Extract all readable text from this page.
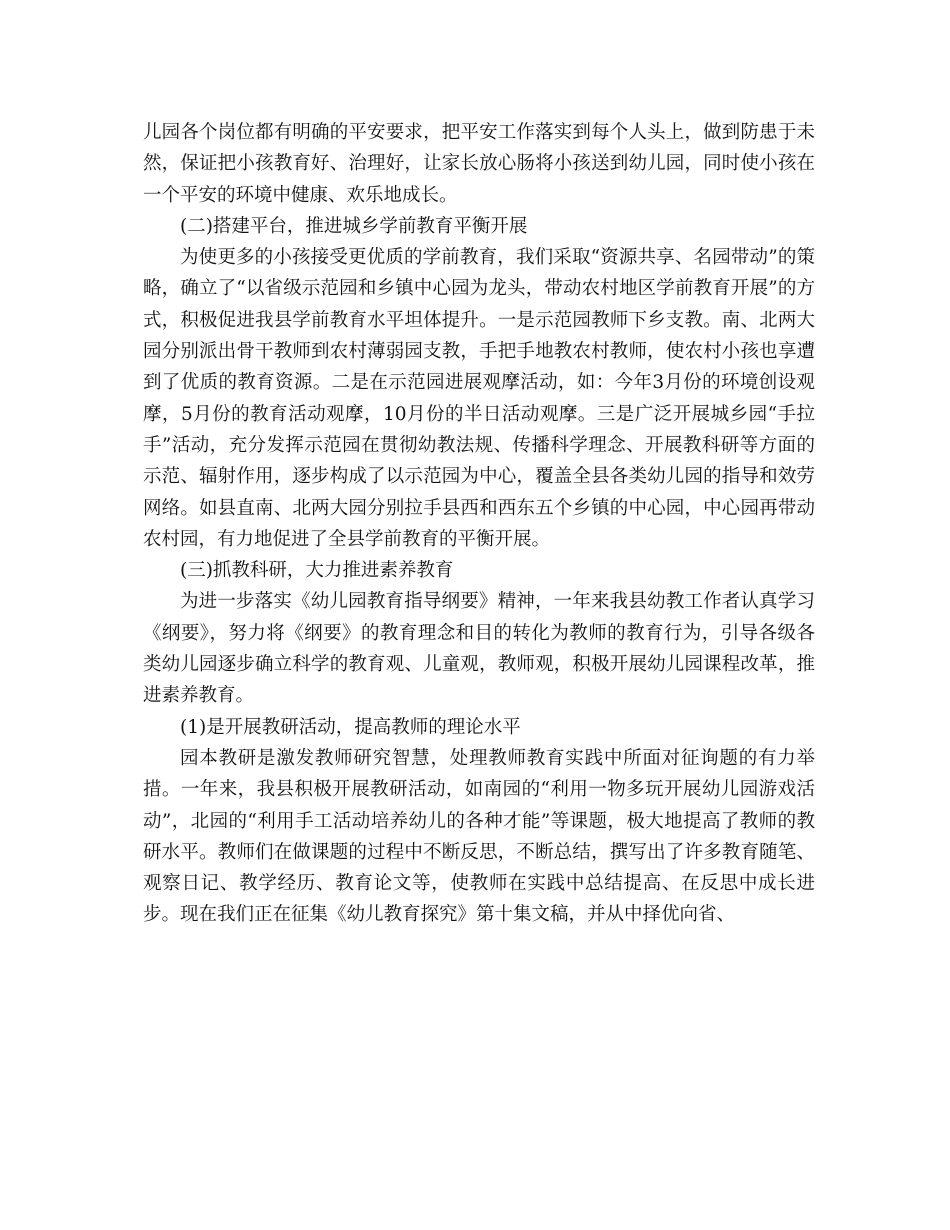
儿园各个岗位都有明确的平安要求，把平安工作落实到每个人头上，做到防患于未然，保证把小孩教育好、治理好，让家长放心肠将小孩送到幼儿园，同时使小孩在一个平安的环境中健康、欢乐地成长。

(二)搭建平台，推进城乡学前教育平衡开展

为使更多的小孩接受更优质的学前教育，我们采取“资源共享、名园带动”的策略，确立了“以省级示范园和乡镇中心园为龙头，带动农村地区学前教育开展”的方式，积极促进我县学前教育水平坦体提升。一是示范园教师下乡支教。南、北两大园分别派出骨干教师到农村薄弱园支教，手把手地教农村教师，使农村小孩也享遭到了优质的教育资源。二是在示范园进展观摩活动，如：今年3月份的环境创设观摩，5月份的教育活动观摩，10月份的半日活动观摩。三是广泛开展城乡园“手拉手”活动，充分发挥示范园在贯彻幼教法规、传播科学理念、开展教科研等方面的示范、辐射作用，逐步构成了以示范园为中心，覆盖全县各类幼儿园的指导和效劳网络。如县直南、北两大园分别拉手县西和西东五个乡镇的中心园，中心园再带动农村园，有力地促进了全县学前教育的平衡开展。

(三)抓教科研，大力推进素养教育

为进一步落实《幼儿园教育指导纲要》精神，一年来我县幼教工作者认真学习《纲要》，努力将《纲要》的教育理念和目的转化为教师的教育行为，引导各级各类幼儿园逐步确立科学的教育观、儿童观，教师观，积极开展幼儿园课程改革，推进素养教育。

(1)是开展教研活动，提高教师的理论水平

园本教研是激发教师研究智慧，处理教师教育实践中所面对征询题的有力举措。一年来，我县积极开展教研活动，如南园的“利用一物多玩开展幼儿园游戏活动”，北园的“利用手工活动培养幼儿的各种才能”等课题，极大地提高了教师的教研水平。教师们在做课题的过程中不断反思，不断总结，撰写出了许多教育随笔、观察日记、教学经历、教育论文等，使教师在实践中总结提高、在反思中成长进步。现在我们正在征集《幼儿教育探究》第十集文稿，并从中择优向省、
